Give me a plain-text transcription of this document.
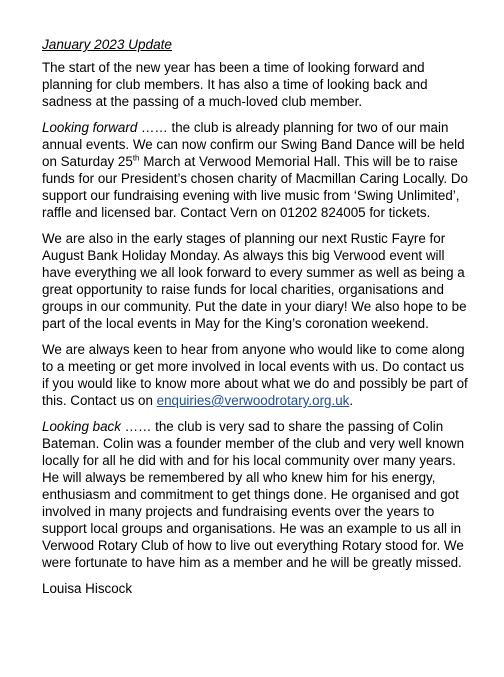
January 2023 Update

The start of the new year has been a time of looking forward and planning for club members. It has also a time of looking back and sadness at the passing of a much-loved club member.

Looking forward …… the club is already planning for two of our main annual events. We can now confirm our Swing Band Dance will be held on Saturday 25th March at Verwood Memorial Hall. This will be to raise funds for our President’s chosen charity of Macmillan Caring Locally. Do support our fundraising evening with live music from ‘Swing Unlimited’, raffle and licensed bar. Contact Vern on 01202 824005 for tickets.

We are also in the early stages of planning our next Rustic Fayre for August Bank Holiday Monday. As always this big Verwood event will have everything we all look forward to every summer as well as being a great opportunity to raise funds for local charities, organisations and groups in our community. Put the date in your diary! We also hope to be part of the local events in May for the King’s coronation weekend.

We are always keen to hear from anyone who would like to come along to a meeting or get more involved in local events with us. Do contact us if you would like to know more about what we do and possibly be part of this. Contact us on enquiries@verwoodrotary.org.uk.

Looking back …… the club is very sad to share the passing of Colin Bateman. Colin was a founder member of the club and very well known locally for all he did with and for his local community over many years. He will always be remembered by all who knew him for his energy, enthusiasm and commitment to get things done. He organised and got involved in many projects and fundraising events over the years to support local groups and organisations. He was an example to us all in Verwood Rotary Club of how to live out everything Rotary stood for. We were fortunate to have him as a member and he will be greatly missed.

Louisa Hiscock
